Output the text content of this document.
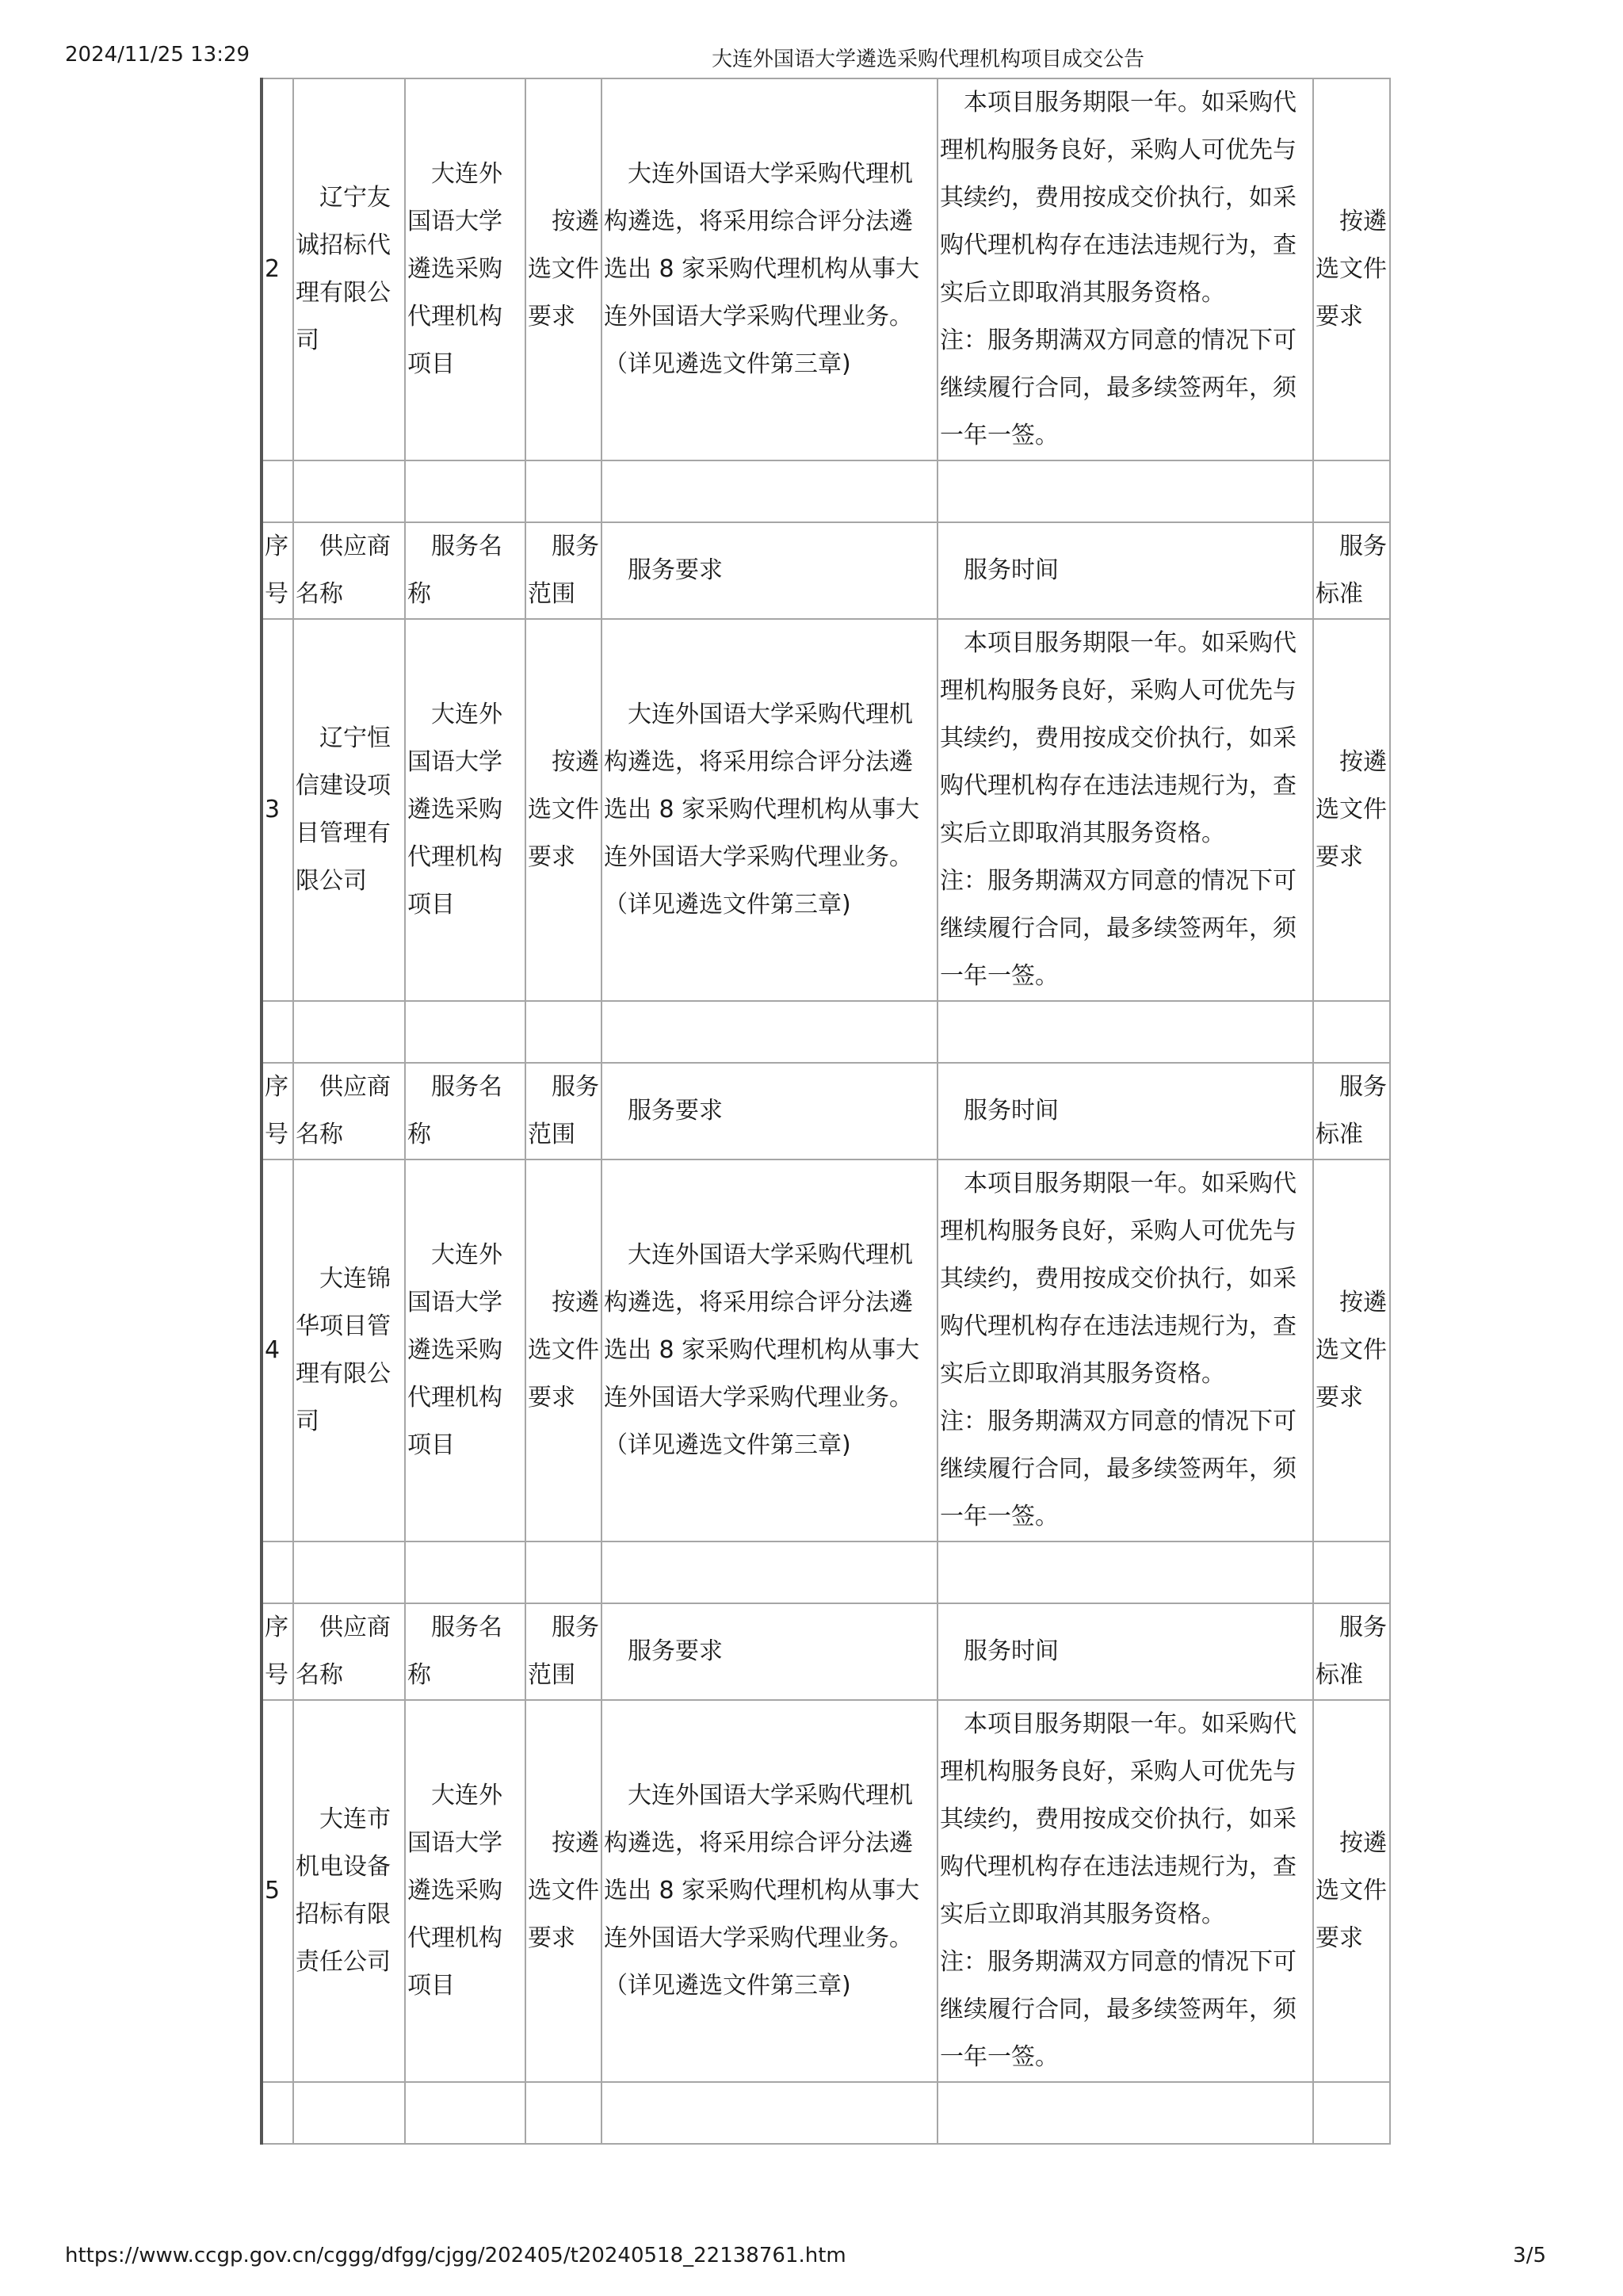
2024/11/25 13:29	大连外国语大学遴选采购代理机构项目成交公告
2	辽宁友诚招标代理有限公司	大连外国语大学遴选采购代理机构项目	按遴选文件要求	大连外国语大学采购代理机构遴选，将采用综合评分法遴选出 8 家采购代理机构从事大连外国语大学采购代理业务。 （详见遴选文件第三章)	本项目服务期限一年。如采购代理机构服务良好，采购人可优先与其续约，费用按成交价执行，如采购代理机构存在违法违规行为，查实后立即取消其服务资格。
注：服务期满双方同意的情况下可继续履行合同，最多续签两年，须一年一签。	按遴选文件要求

序号	供应商名称	服务名称	服务范围	服务要求	服务时间	服务标准
3	辽宁恒信建设项目管理有限公司	大连外国语大学遴选采购代理机构项目	按遴选文件要求	大连外国语大学采购代理机构遴选，将采用综合评分法遴选出 8 家采购代理机构从事大连外国语大学采购代理业务。 （详见遴选文件第三章)	本项目服务期限一年。如采购代理机构服务良好，采购人可优先与其续约，费用按成交价执行，如采购代理机构存在违法违规行为，查实后立即取消其服务资格。
注：服务期满双方同意的情况下可继续履行合同，最多续签两年，须一年一签。	按遴选文件要求

序号	供应商名称	服务名称	服务范围	服务要求	服务时间	服务标准
4	大连锦华项目管理有限公司	大连外国语大学遴选采购代理机构项目	按遴选文件要求	大连外国语大学采购代理机构遴选，将采用综合评分法遴选出 8 家采购代理机构从事大连外国语大学采购代理业务。 （详见遴选文件第三章)	本项目服务期限一年。如采购代理机构服务良好，采购人可优先与其续约，费用按成交价执行，如采购代理机构存在违法违规行为，查实后立即取消其服务资格。
注：服务期满双方同意的情况下可继续履行合同，最多续签两年，须一年一签。	按遴选文件要求

序号	供应商名称	服务名称	服务范围	服务要求	服务时间	服务标准
5	大连市机电设备招标有限责任公司	大连外国语大学遴选采购代理机构项目	按遴选文件要求	大连外国语大学采购代理机构遴选，将采用综合评分法遴选出 8 家采购代理机构从事大连外国语大学采购代理业务。 （详见遴选文件第三章)	本项目服务期限一年。如采购代理机构服务良好，采购人可优先与其续约，费用按成交价执行，如采购代理机构存在违法违规行为，查实后立即取消其服务资格。
注：服务期满双方同意的情况下可继续履行合同，最多续签两年，须一年一签。	按遴选文件要求

https://www.ccgp.gov.cn/cggg/dfgg/cjgg/202405/t20240518_22138761.htm	3/5
